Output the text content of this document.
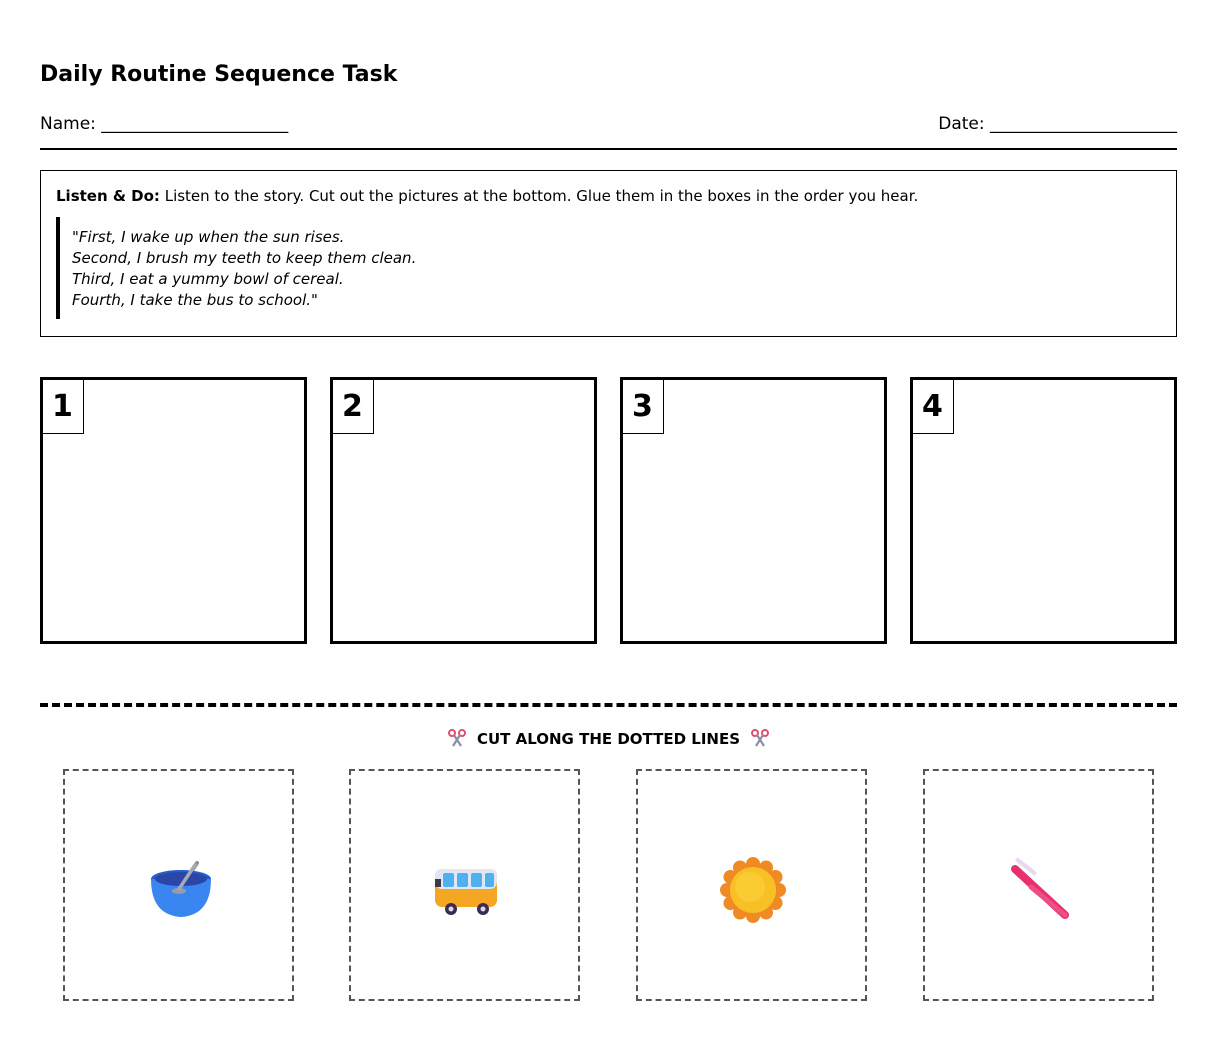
Daily Routine Sequence Task
Name: ______________________	Date: ______________________
Listen & Do: Listen to the story. Cut out the pictures at the bottom. Glue them in the boxes in the order you hear.
"First, I wake up when the sun rises.
Second, I brush my teeth to keep them clean.
Third, I eat a yummy bowl of cereal.
Fourth, I take the bus to school."
1	2	3	4
CUT ALONG THE DOTTED LINES
